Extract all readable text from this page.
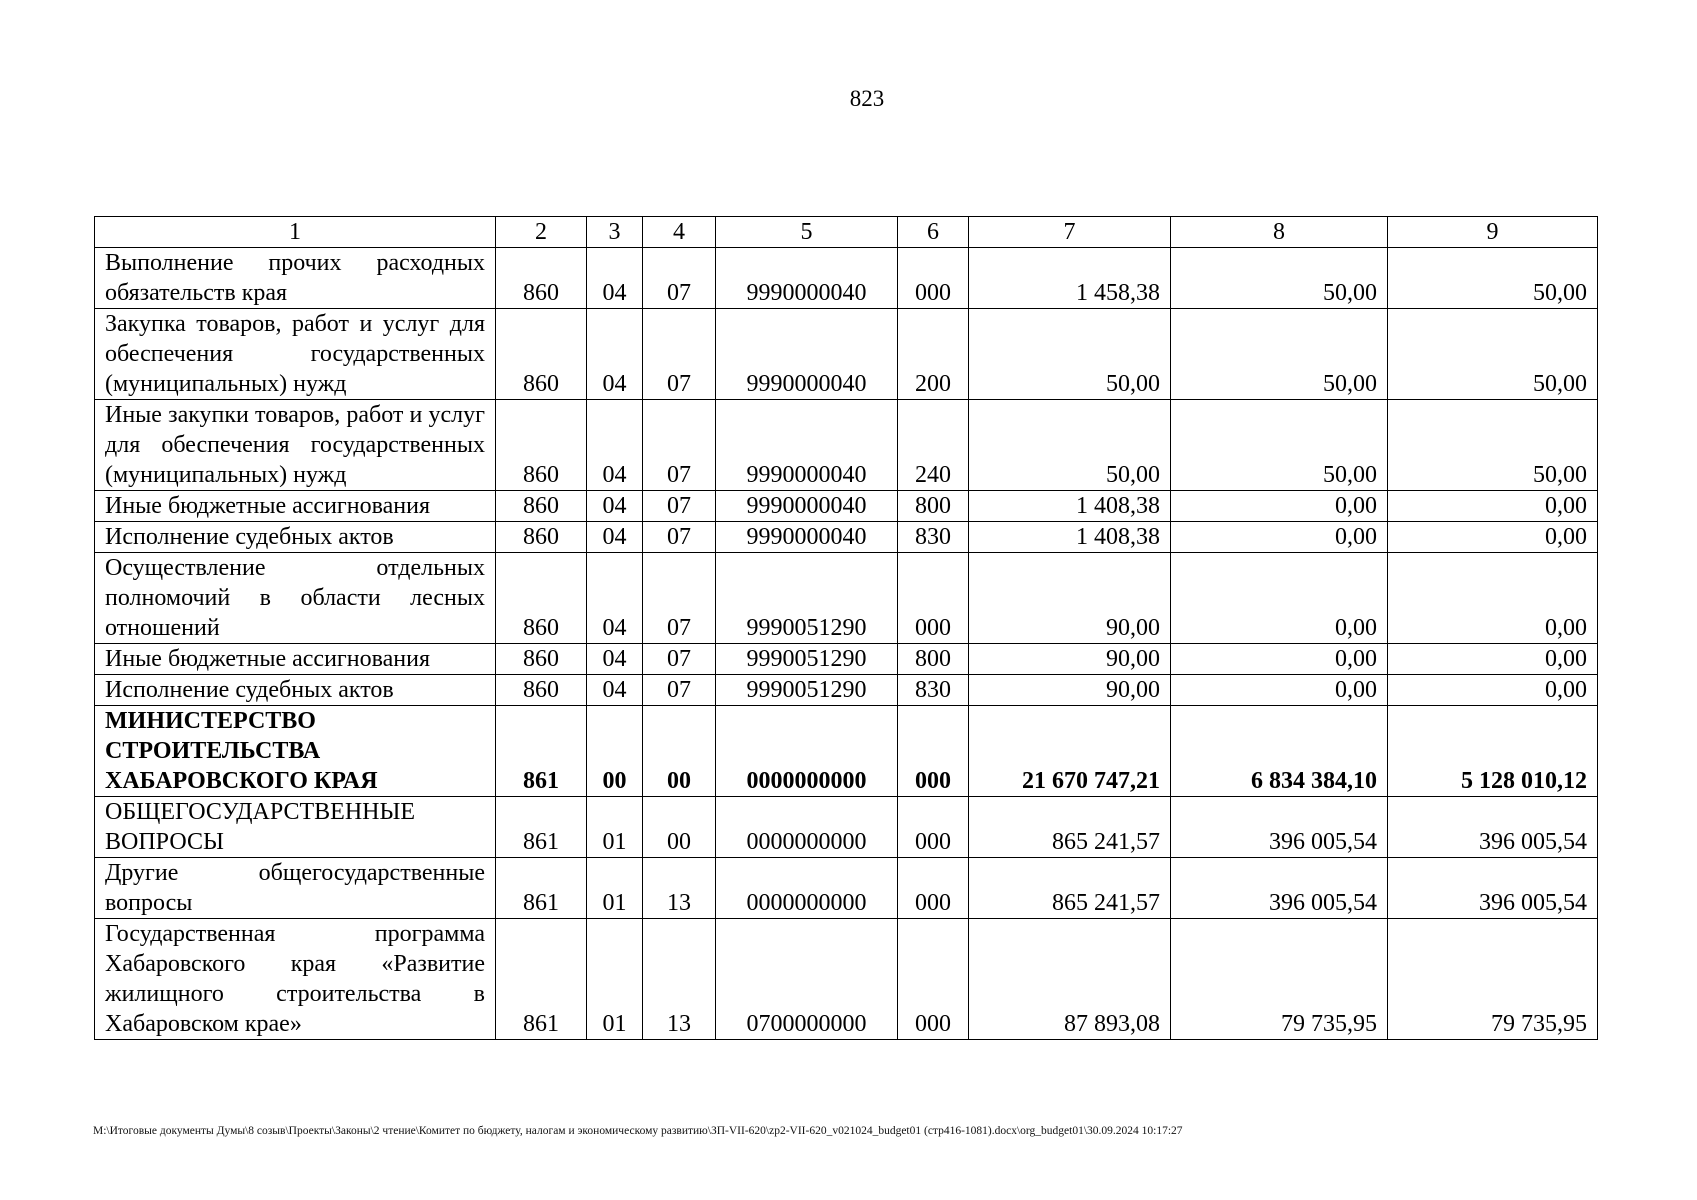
823
1	2	3	4	5	6	7	8	9
Выполнение прочих расходных обязательств края	860	04	07	9990000040	000	1 458,38	50,00	50,00
Закупка товаров, работ и услуг для обеспечения государственных (муниципальных) нужд	860	04	07	9990000040	200	50,00	50,00	50,00
Иные закупки товаров, работ и услуг для обеспечения государственных (муниципальных) нужд	860	04	07	9990000040	240	50,00	50,00	50,00
Иные бюджетные ассигнования	860	04	07	9990000040	800	1 408,38	0,00	0,00
Исполнение судебных актов	860	04	07	9990000040	830	1 408,38	0,00	0,00
Осуществление отдельных полномочий в области лесных отношений	860	04	07	9990051290	000	90,00	0,00	0,00
Иные бюджетные ассигнования	860	04	07	9990051290	800	90,00	0,00	0,00
Исполнение судебных актов	860	04	07	9990051290	830	90,00	0,00	0,00
МИНИСТЕРСТВО СТРОИТЕЛЬСТВА ХАБАРОВСКОГО КРАЯ	861	00	00	0000000000	000	21 670 747,21	6 834 384,10	5 128 010,12
ОБЩЕГОСУДАРСТВЕННЫЕ ВОПРОСЫ	861	01	00	0000000000	000	865 241,57	396 005,54	396 005,54
Другие общегосударственные вопросы	861	01	13	0000000000	000	865 241,57	396 005,54	396 005,54
Государственная программа Хабаровского края «Развитие жилищного строительства в Хабаровском крае»	861	01	13	0700000000	000	87 893,08	79 735,95	79 735,95
M:\Итоговые документы Думы\8 созыв\Проекты\Законы\2 чтение\Комитет по бюджету, налогам и экономическому развитию\ЗП-VII-620\zp2-VII-620_v021024_budget01 (стр416-1081).docx\org_budget01\30.09.2024 10:17:27
